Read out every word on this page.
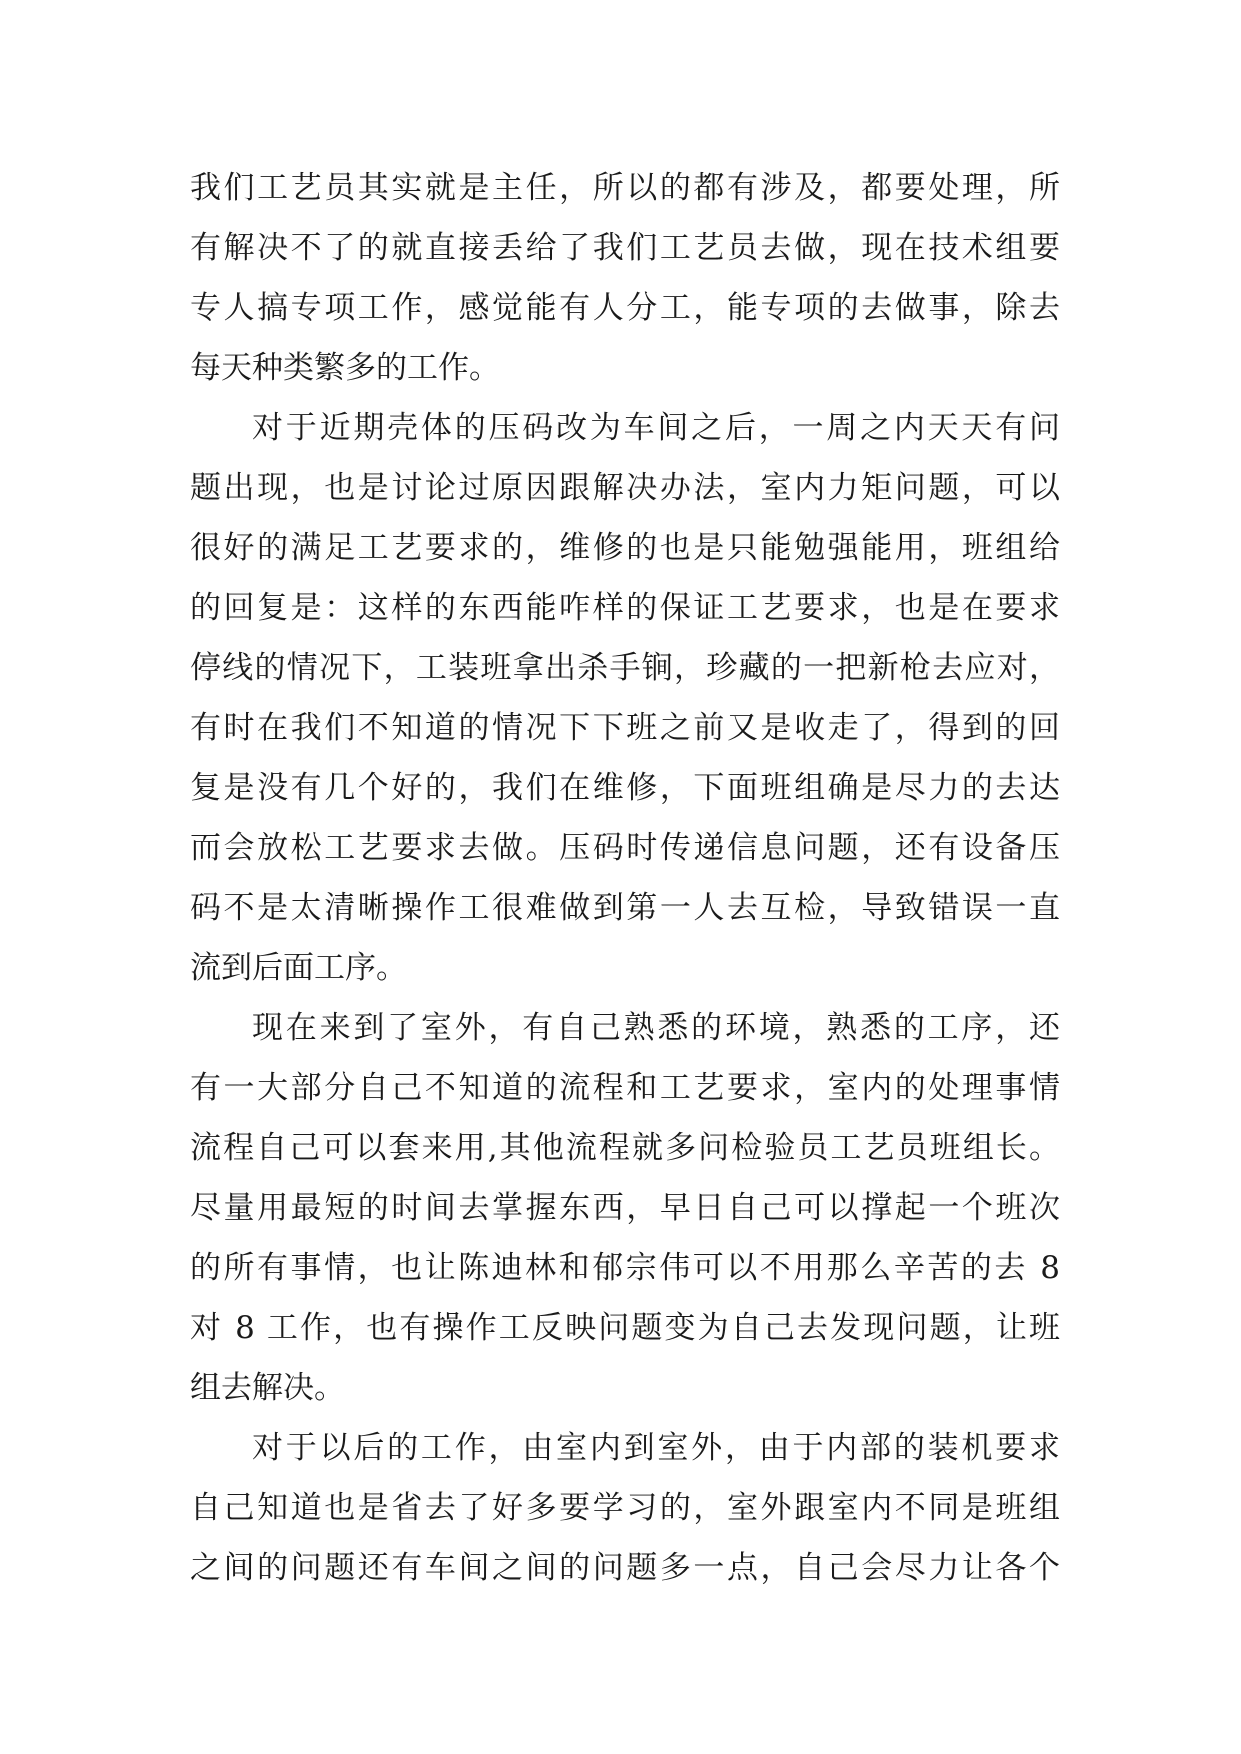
我们工艺员其实就是主任，所以的都有涉及，都要处理，所
有解决不了的就直接丢给了我们工艺员去做，现在技术组要
专人搞专项工作，感觉能有人分工，能专项的去做事，除去
每天种类繁多的工作。
对于近期壳体的压码改为车间之后，一周之内天天有问
题出现，也是讨论过原因跟解决办法，室内力矩问题，可以
很好的满足工艺要求的，维修的也是只能勉强能用，班组给
的回复是：这样的东西能咋样的保证工艺要求，也是在要求
停线的情况下，工装班拿出杀手锏，珍藏的一把新枪去应对，
有时在我们不知道的情况下下班之前又是收走了，得到的回
复是没有几个好的，我们在维修，下面班组确是尽力的去达
而会放松工艺要求去做。压码时传递信息问题，还有设备压
码不是太清晰操作工很难做到第一人去互检，导致错误一直
流到后面工序。
现在来到了室外，有自己熟悉的环境，熟悉的工序，还
有一大部分自己不知道的流程和工艺要求，室内的处理事情
流程自己可以套来用,其他流程就多问检验员工艺员班组长。
尽量用最短的时间去掌握东西，早日自己可以撑起一个班次
的所有事情，也让陈迪林和郁宗伟可以不用那么辛苦的去 8
对 8 工作，也有操作工反映问题变为自己去发现问题，让班
组去解决。
对于以后的工作，由室内到室外，由于内部的装机要求
自己知道也是省去了好多要学习的，室外跟室内不同是班组
之间的问题还有车间之间的问题多一点，自己会尽力让各个
